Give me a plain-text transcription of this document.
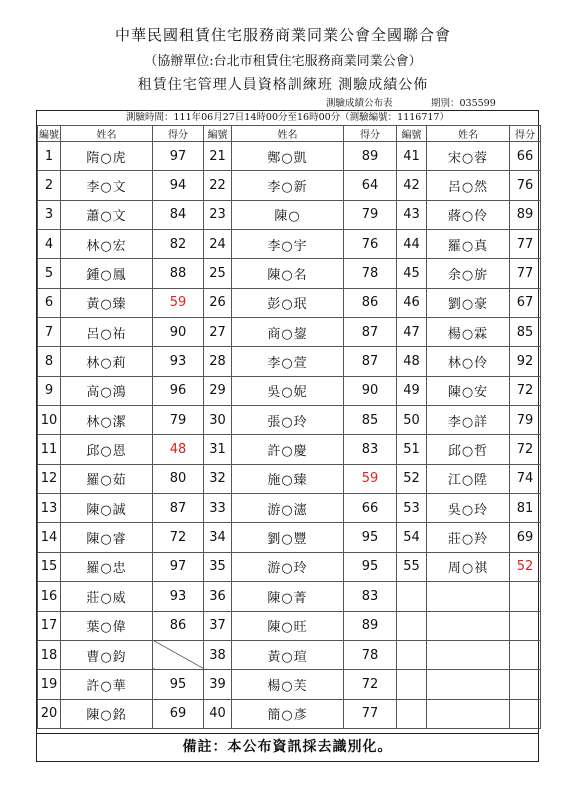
中華民國租賃住宅服務商業同業公會全國聯合會
（協辦單位:台北市租賃住宅服務商業同業公會）
租賃住宅管理人員資格訓練班 測驗成績公佈
測驗成績公布表	期別：035599
測驗時間：111年06月27日14時00分至16時00分（測驗編號：1116717）
編號	姓名	得分	編號	姓名	得分	編號	姓名	得分
1	隋○虎	97	21	鄭○凱	89	41	宋○蓉	66
2	李○文	94	22	李○新	64	42	呂○然	76
3	蕭○文	84	23	陳○	79	43	蔣○伶	89
4	林○宏	82	24	李○宇	76	44	羅○真	77
5	鍾○鳳	88	25	陳○名	78	45	余○旂	77
6	黃○臻	59	26	彭○珉	86	46	劉○豪	67
7	呂○祐	90	27	商○鋆	87	47	楊○霖	85
8	林○莉	93	28	李○萱	87	48	林○伶	92
9	高○鴻	96	29	吳○妮	90	49	陳○安	72
10	林○潔	79	30	張○玲	85	50	李○詳	79
11	邱○恩	48	31	許○慶	83	51	邱○哲	72
12	羅○茹	80	32	施○臻	59	52	江○陞	74
13	陳○誠	87	33	游○瀗	66	53	吳○玲	81
14	陳○睿	72	34	劉○豐	95	54	莊○羚	69
15	羅○忠	97	35	游○玲	95	55	周○祺	52
16	莊○威	93	36	陳○菁	83			
17	葉○偉	86	37	陳○旺	89			
18	曹○鈞		38	黃○瑄	78			
19	許○華	95	39	楊○芙	72			
20	陳○銘	69	40	簡○彥	77			
備註：本公布資訊採去識別化。
